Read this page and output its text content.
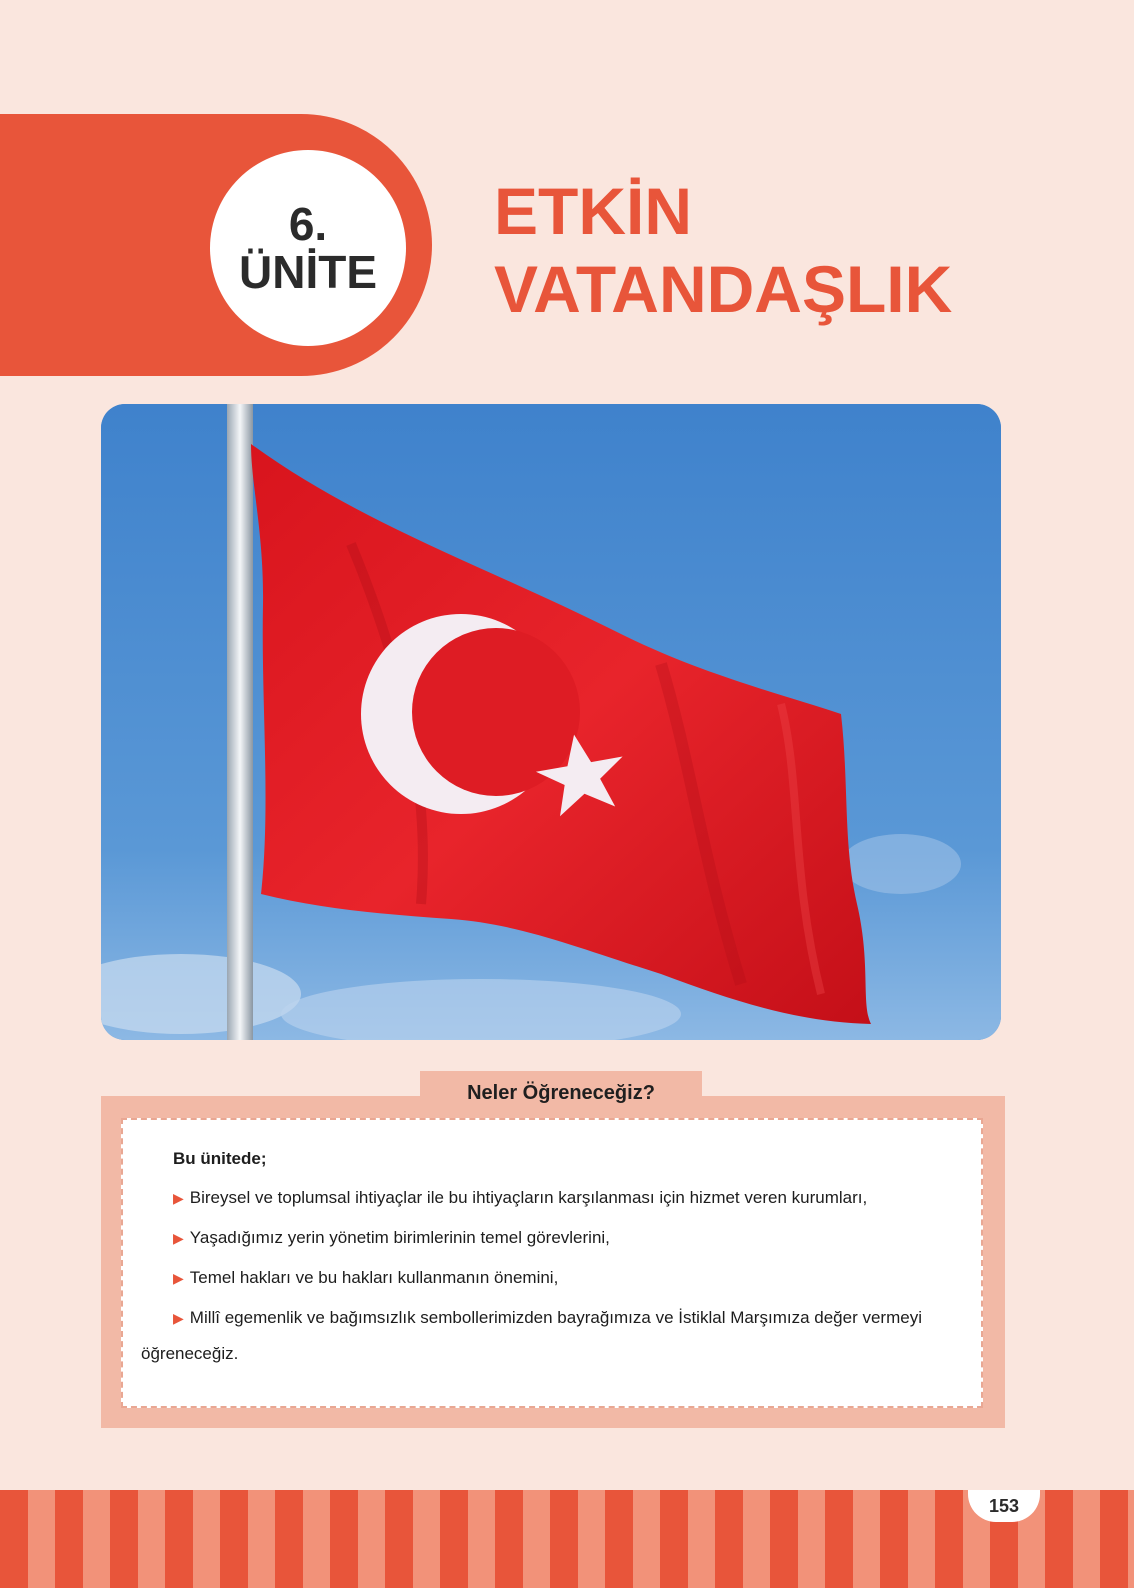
6.
ÜNİTE
ETKİN
VATANDAŞLIK
Bu ünitede;
▶ Bireysel ve toplumsal ihtiyaçlar ile bu ihtiyaçların karşılanması için hizmet veren kurumları,
▶ Yaşadığımız yerin yönetim birimlerinin temel görevlerini,
▶ Temel hakları ve bu hakları kullanmanın önemini,
▶ Millî egemenlik ve bağımsızlık sembollerimizden bayrağımıza ve İstiklal Marşımıza değer vermeyi öğreneceğiz.
Neler Öğreneceğiz?
153
